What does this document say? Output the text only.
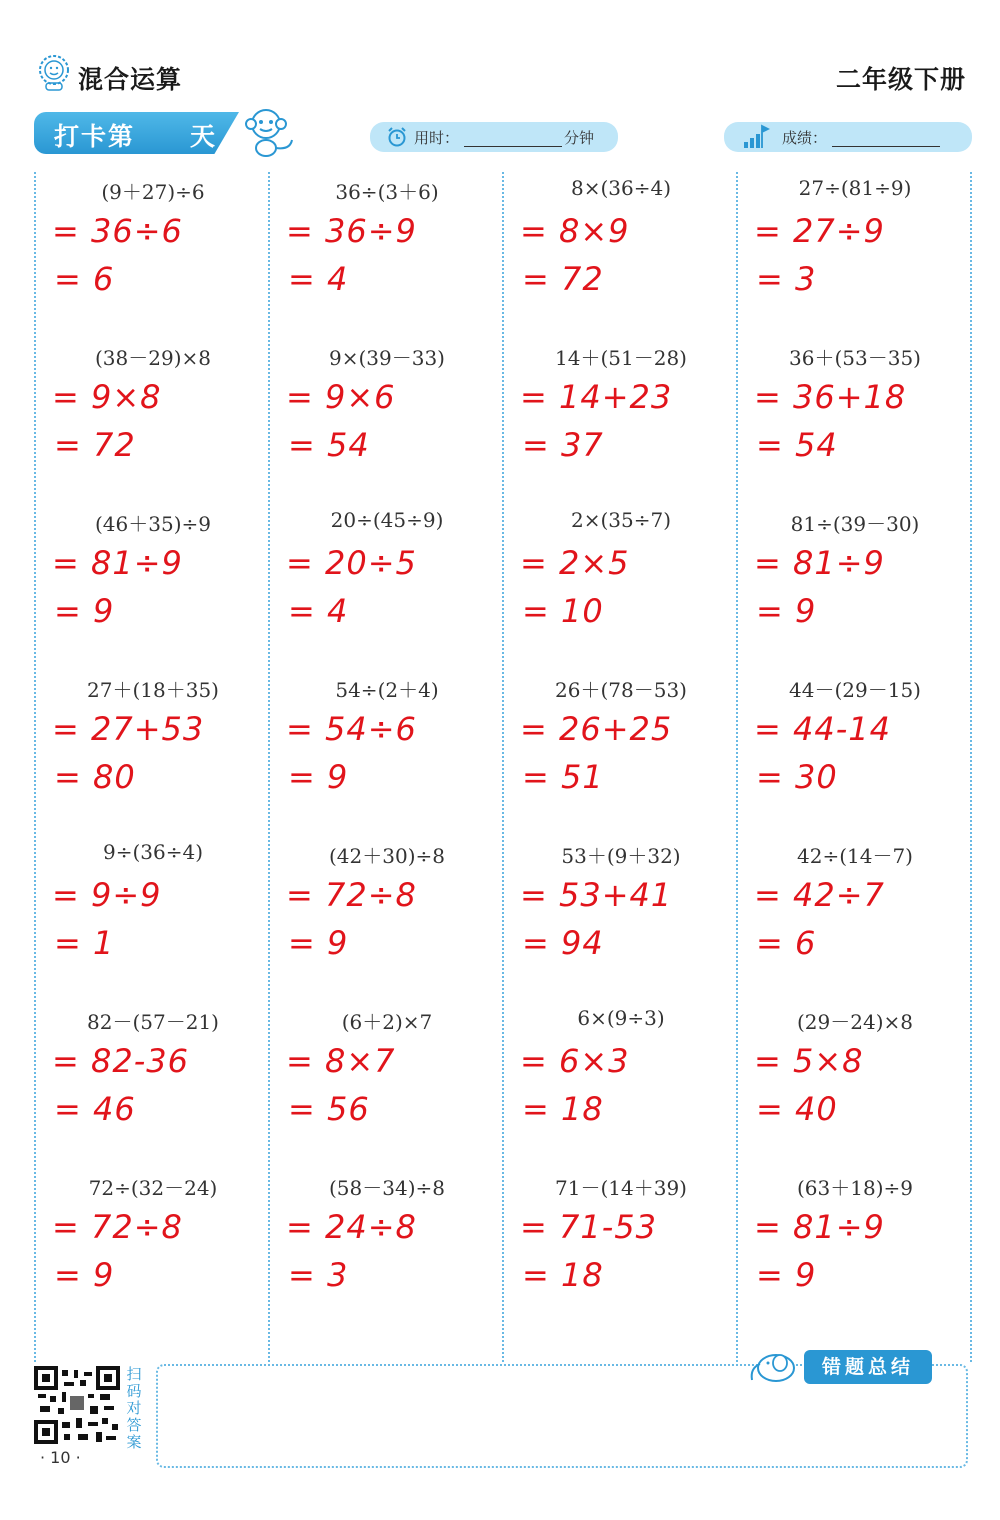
混合运算	二年级下册
打卡第 天	用时：	分钟	成绩：
(9＋27)÷6
= 36÷6
= 6
36÷(3＋6)
= 36÷9
= 4
8×(36÷4)
= 8×9
= 72
27÷(81÷9)
= 27÷9
= 3
(38－29)×8
= 9×8
= 72
9×(39－33)
= 9×6
= 54
14＋(51－28)
= 14+23
= 37
36＋(53－35)
= 36+18
= 54
(46＋35)÷9
= 81÷9
= 9
20÷(45÷9)
= 20÷5
= 4
2×(35÷7)
= 2×5
= 10
81÷(39－30)
= 81÷9
= 9
27＋(18＋35)
= 27+53
= 80
54÷(2＋4)
= 54÷6
= 9
26＋(78－53)
= 26+25
= 51
44－(29－15)
= 44-14
= 30
9÷(36÷4)
= 9÷9
= 1
(42＋30)÷8
= 72÷8
= 9
53＋(9＋32)
= 53+41
= 94
42÷(14－7)
= 42÷7
= 6
82－(57－21)
= 82-36
= 46
(6＋2)×7
= 8×7
= 56
6×(9÷3)
= 6×3
= 18
(29－24)×8
= 5×8
= 40
72÷(32－24)
= 72÷8
= 9
(58－34)÷8
= 24÷8
= 3
71－(14＋39)
= 71-53
= 18
(63＋18)÷9
= 81÷9
= 9
错题总结
扫码对答案
· 10 ·
